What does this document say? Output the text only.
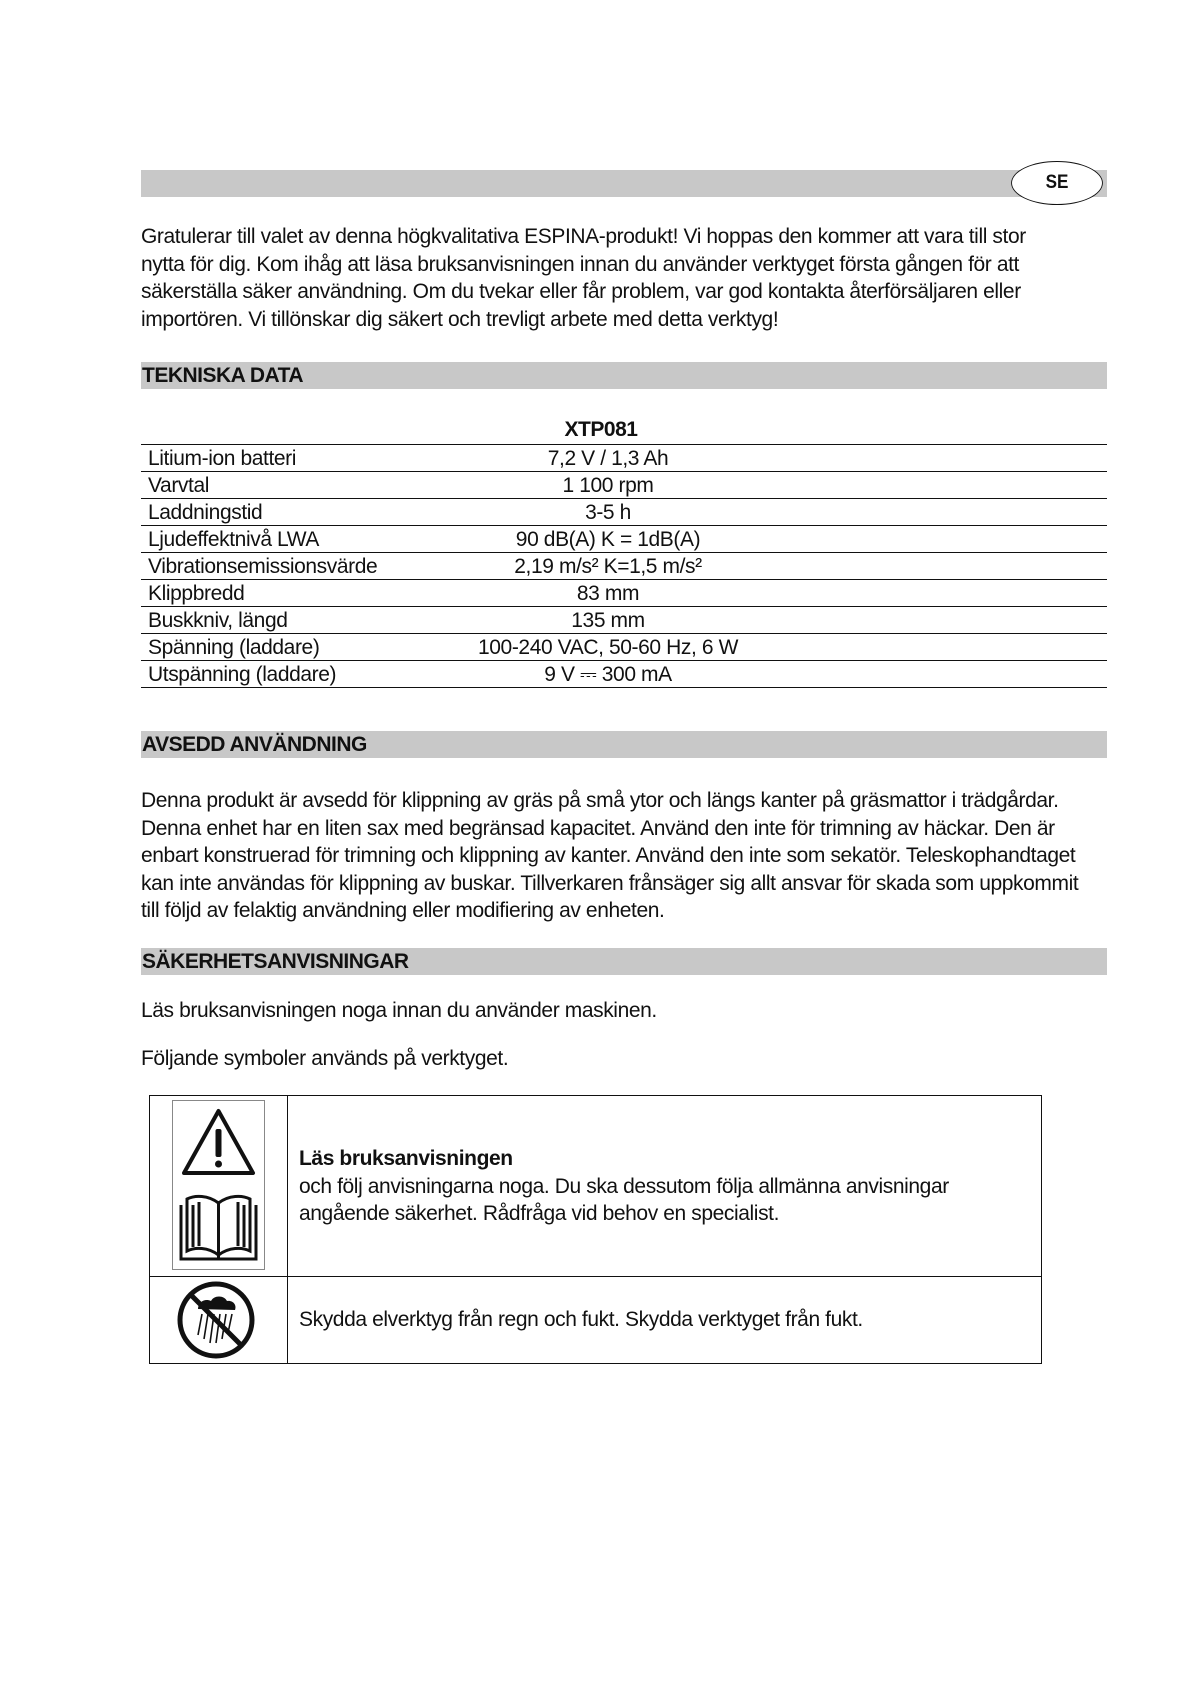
SE

Gratulerar till valet av denna högkvalitativa ESPINA-produkt! Vi hoppas den kommer att vara till stor nytta för dig. Kom ihåg att läsa bruksanvisningen innan du använder verktyget första gången för att säkerställa säker användning. Om du tvekar eller får problem, var god kontakta återförsäljaren eller importören. Vi tillönskar dig säkert och trevligt arbete med detta verktyg!

TEKNISKA DATA
XTP081
Litium-ion batteri	7,2 V / 1,3 Ah
Varvtal	1 100 rpm
Laddningstid	3-5 h
Ljudeffektnivå LWA	90 dB(A) K = 1dB(A)
Vibrationsemissionsvärde	2,19 m/s² K=1,5 m/s²
Klippbredd	83 mm
Buskkniv, längd	135 mm
Spänning (laddare)	100-240 VAC, 50-60 Hz, 6 W
Utspänning (laddare)	9 V ⎓ 300 mA
AVSEDD ANVÄNDNING

Denna produkt är avsedd för klippning av gräs på små ytor och längs kanter på gräsmattor i trädgårdar. Denna enhet har en liten sax med begränsad kapacitet. Använd den inte för trimning av häckar. Den är enbart konstruerad för trimning och klippning av kanter. Använd den inte som sekatör. Teleskophandtaget kan inte användas för klippning av buskar. Tillverkaren frånsäger sig allt ansvar för skada som uppkommit till följd av felaktig användning eller modifiering av enheten.

SÄKERHETSANVISNINGAR

Läs bruksanvisningen noga innan du använder maskinen.

Följande symboler används på verktyget.

Läs bruksanvisningen
och följ anvisningarna noga. Du ska dessutom följa allmänna anvisningar angående säkerhet. Rådfråga vid behov en specialist.
Skydda elverktyg från regn och fukt. Skydda verktyget från fukt.
